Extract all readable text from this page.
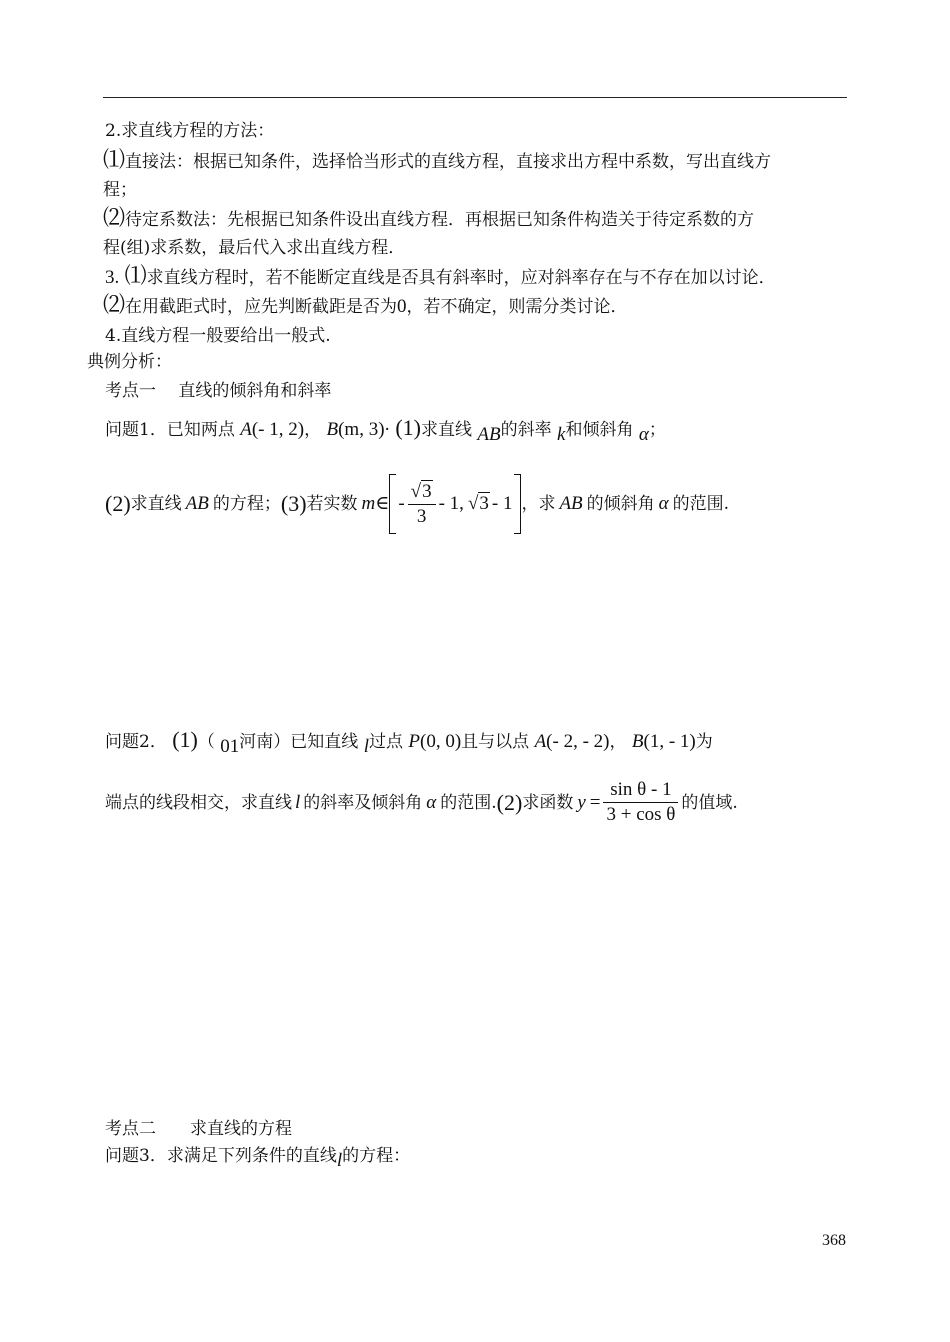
2.求直线方程的方法：
⑴直接法：根据已知条件，选择恰当形式的直线方程，直接求出方程中系数，写出直线方
程；
⑵待定系数法：先根据已知条件设出直线方程．再根据已知条件构造关于待定系数的方
程(组)求系数，最后代入求出直线方程．
3. ⑴求直线方程时，若不能断定直线是否具有斜率时，应对斜率存在与不存在加以讨论．
⑵在用截距式时，应先判断截距是否为0，若不确定，则需分类讨论．
4.直线方程一般要给出一般式.
典例分析：
考点一　 直线的倾斜角和斜率
问题1．已知两点 A(- 1, 2)， B(m, 3)· (1)求直线 AB的斜率 k和倾斜角 α；
(2) 求直线 AB 的方程； (3) 若实数 m ∈ - $\frac{√3}{3} - 1$, √3 - 1 ，求 AB 的倾斜角 α 的范围.
问题2． (1)（ 01河南）已知直线 l过点 P(0, 0)且与以点 A(- 2, - 2)， B(1, - 1)为
端点的线段相交，求直线 l 的斜率及倾斜角 α 的范围. (2) 求函数 $y = \frac{\text{sin θ - 1}}{\text{3 + cos θ}}$ 的值域.
考点二　　求直线的方程
问题3．求满足下列条件的直线l的方程：
368
